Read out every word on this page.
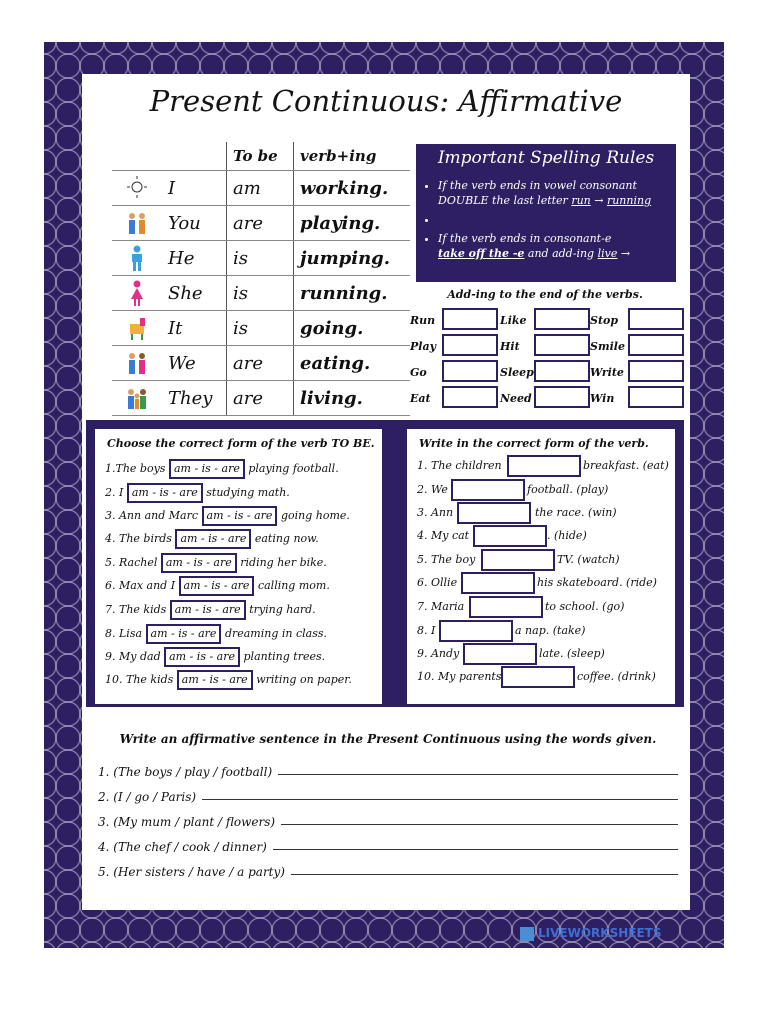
Present Continuous: Affirmative
		To be	verb+ing
	I	am	working.
	You	are	playing.
	He	is	jumping.
	She	is	running.
	It	is	going.
	We	are	eating.
	They	are	living.
Important Spelling Rules
• If the verb ends in vowel consonant
DOUBLE the last letter run → running
•
• If the verb ends in consonant-e
take off the -e and add-ing live →
Add-ing to the end of the verbs.
Run	Like	Stop
Play	Hit	Smile
Go	Sleep	Write
Eat	Need	Win
Choose the correct form of the verb TO BE.
1.The boys am - is - are playing football.
2. I am - is - are studying math.
3. Ann and Marc am - is - are going home.
4. The birds am - is - are eating now.
5. Rachel am - is - are riding her bike.
6. Max and I am - is - are calling mom.
7. The kids am - is - are trying hard.
8. Lisa am - is - are dreaming in class.
9. My dad am - is - are planting trees.
10. The kids am - is - are writing on paper.
Write in the correct form of the verb.
1. The children	breakfast. (eat)
2. We	football. (play)
3. Ann	the race. (win)
4. My cat	. (hide)
5. The boy	TV. (watch)
6. Ollie	his skateboard. (ride)
7. Maria	to school. (go)
8. I	a nap. (take)
9. Andy	late. (sleep)
10. My parents	coffee. (drink)
Write an affirmative sentence in the Present Continuous using the words given.
1. (The boys / play / football)
2. (I / go / Paris)
3. (My mum / plant / flowers)
4. (The chef / cook / dinner)
5. (Her sisters / have / a party)
LIVEWORKSHEETS
